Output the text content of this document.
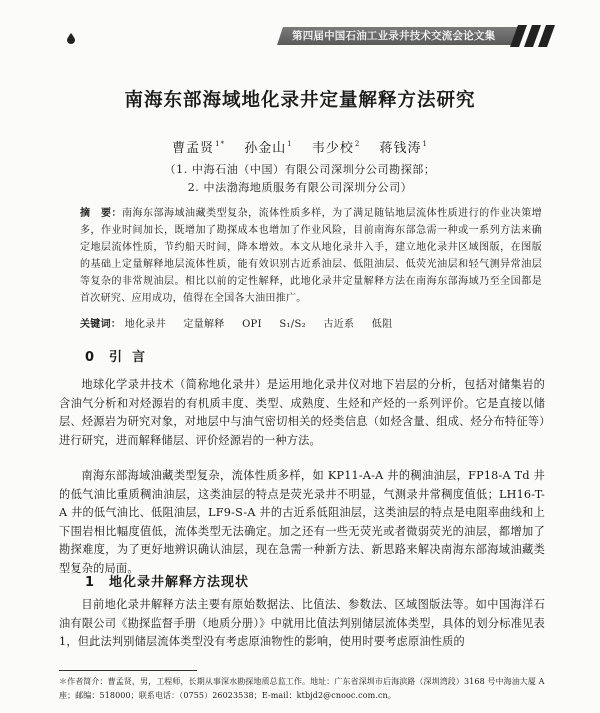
第四届中国石油工业录井技术交流会论文集
南海东部海域地化录井定量解释方法研究
曹孟贤$^{1*}$ 孙金山$^1$ 韦少校$^2$ 蒋钱涛$^1$
（1. 中海石油（中国）有限公司深圳分公司勘探部；
2. 中法渤海地质服务有限公司深圳分公司）
摘　要：南海东部海域油藏类型复杂，流体性质多样，为了满足随钻地层流体性质进行的作业决策增多，作业时间加长，既增加了勘探成本也增加了作业风险，目前南海东部急需一种或一系列方法来确定地层流体性质，节约船天时间，降本增效。本文从地化录井入手，建立地化录井区域图版，在图版的基础上定量解释地层流体性质，能有效识别古近系油层、低阻油层、低荧光油层和轻气测异常油层等复杂的非常规油层。相比以前的定性解释，此地化录井定量解释方法在南海东部海域乃至全国都是首次研究、应用成功，值得在全国各大油田推广。
关键词： 地化录井 定量解释 OPI S₁/S₂ 古近系 低阻
0 引言
地球化学录井技术（简称地化录井）是运用地化录井仪对地下岩层的分析，包括对储集岩的含油气分析和对烃源岩的有机质丰度、类型、成熟度、生烃和产烃的一系列评价。它是直接以储层、烃源岩为研究对象，对地层中与油气密切相关的烃类信息（如烃含量、组成、烃分布特征等）进行研究，进而解释储层、评价烃源岩的一种方法。
南海东部海域油藏类型复杂，流体性质多样，如 KP11-A-A 井的稠油油层，FP18-A Td 井的低气油比重质稠油油层，这类油层的特点是荧光录井不明显，气测录井常稠度值低；LH16-T-A 井的低气油比、低阻油层，LF9-S-A 井的古近系低阻油层，这类油层的特点是电阻率曲线和上下围岩相比幅度值低，流体类型无法确定。加之还有一些无荧光或者微弱荧光的油层，都增加了勘探难度，为了更好地辨识确认油层，现在急需一种新方法、新思路来解决南海东部海域油藏类型复杂的局面。
1 地化录井解释方法现状
目前地化录井解释方法主要有原始数据法、比值法、参数法、区域图版法等。如中国海洋石油有限公司《勘探监督手册（地质分册）》中就用比值法判别储层流体类型，具体的划分标准见表 1，但此法判别储层流体类型没有考虑原油物性的影响，使用时要考虑原油性质的
＊作者简介：曹孟贤，男，工程师，长期从事深水勘探地质总监工作。地址：广东省深圳市后海滨路（深圳湾段）3168 号中海油大厦 A 座；邮编：518000；联系电话：（0755）26023538；E-mail：ktbjd2@cnooc.com.cn。
